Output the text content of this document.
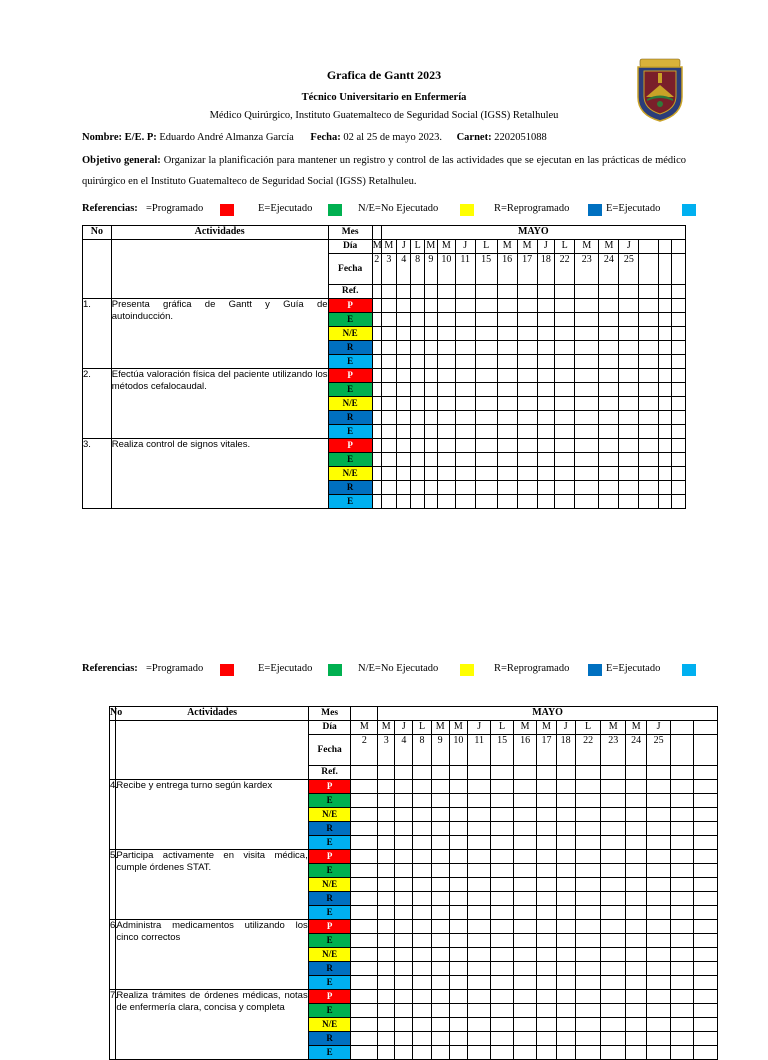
Grafica de Gantt 2023
Técnico Universitario en Enfermería
Médico Quirúrgico, Instituto Guatemalteco de Seguridad Social (IGSS) Retalhuleu
Nombre: E/E. P: Eduardo André Almanza García Fecha: 02 al 25 de mayo 2023. Carnet: 2202051088
Objetivo general: Organizar la planificación para mantener un registro y control de las actividades que se ejecutan en las prácticas de médico quirúrgico en el Instituto Guatemalteco de Seguridad Social (IGSS) Retalhuleu.
Referencias: =Programado	E=Ejecutado	N/E=No Ejecutado	R=Reprogramado	E=Ejecutado
No	Actividades	Mes		MAYO																
		Día	M	M	J	L	M	M	J	L	M	M	J	L	M	M	J			
		Fecha	2	3	4	8	9	10	11	15	16	17	18	22	23	24	25			
		Ref.																		
1.	Presenta gráfica de Gantt y Guía de autoinducción.	P																		
		E																		
		N/E																		
		R																		
		E																		
2.	Efectúa valoración física del paciente utilizando los métodos cefalocaudal.	P																		
		E																		
		N/E																		
		R																		
		E																		
3.	Realiza control de signos vitales.	P																		
		E																		
		N/E																		
		R																		
		E																		
Referencias: =Programado	E=Ejecutado	N/E=No Ejecutado	R=Reprogramado	E=Ejecutado
No	Actividades	Mes		MAYO															
		Día	M	M	J	L	M	M	J	L	M	M	J	L	M	M	J		
		Fecha	2	3	4	8	9	10	11	15	16	17	18	22	23	24	25		
		Ref.																	
4.	Recibe y entrega turno según kardex	P																	
		E																	
		N/E																	
		R																	
		E																	
5.	Participa activamente en visita médica, cumple órdenes STAT.	P																	
		E																	
		N/E																	
		R																	
		E																	
6.	Administra medicamentos utilizando los cinco correctos	P																	
		E																	
		N/E																	
		R																	
		E																	
7.	Realiza trámites de órdenes médicas, notas de enfermería clara, concisa y completa	P																	
		E																	
		N/E																	
		R																	
		E																	
